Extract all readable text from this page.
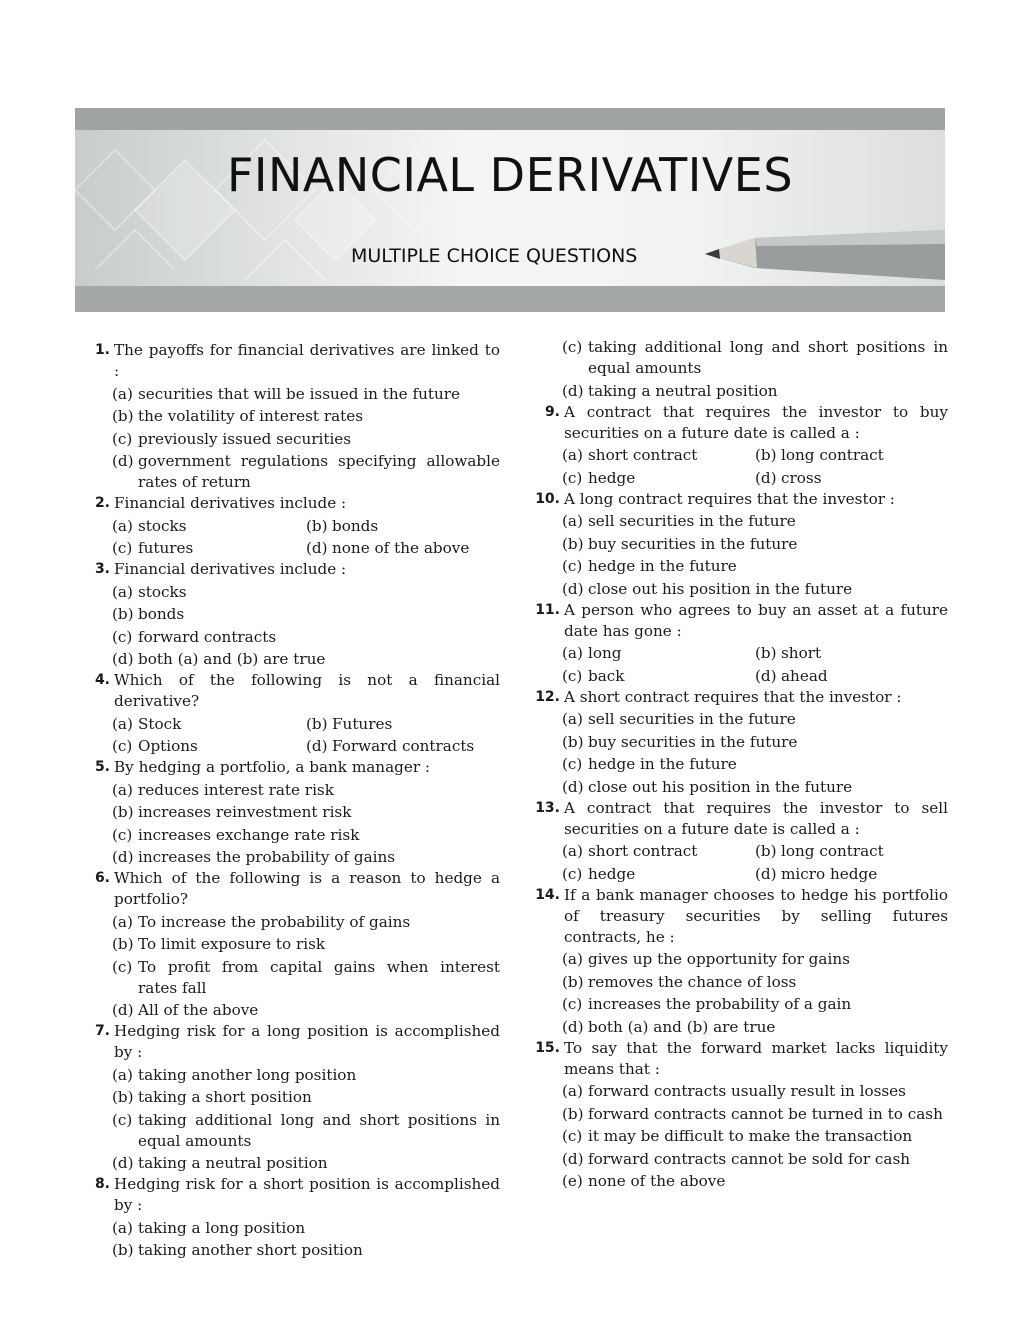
FINANCIAL DERIVATIVES
MULTIPLE CHOICE QUESTIONS
1. The payoffs for financial derivatives are linked to :
(a) securities that will be issued in the future
(b) the volatility of interest rates
(c) previously issued securities
(d) government regulations specifying allowable rates of return
2. Financial derivatives include :
(a) stocks	(b) bonds
(c) futures	(d) none of the above
3. Financial derivatives include :
(a) stocks
(b) bonds
(c) forward contracts
(d) both (a) and (b) are true
4. Which of the following is not a financial derivative?
(a) Stock	(b) Futures
(c) Options	(d) Forward contracts
5. By hedging a portfolio, a bank manager :
(a) reduces interest rate risk
(b) increases reinvestment risk
(c) increases exchange rate risk
(d) increases the probability of gains
6. Which of the following is a reason to hedge a portfolio?
(a) To increase the probability of gains
(b) To limit exposure to risk
(c) To profit from capital gains when interest rates fall
(d) All of the above
7. Hedging risk for a long position is accomplished by :
(a) taking another long position
(b) taking a short position
(c) taking additional long and short positions in equal amounts
(d) taking a neutral position
8. Hedging risk for a short position is accomplished by :
(a) taking a long position
(b) taking another short position
(c) taking additional long and short positions in equal amounts
(d) taking a neutral position
9. A contract that requires the investor to buy securities on a future date is called a :
(a) short contract	(b) long contract
(c) hedge	(d) cross
10. A long contract requires that the investor :
(a) sell securities in the future
(b) buy securities in the future
(c) hedge in the future
(d) close out his position in the future
11. A person who agrees to buy an asset at a future date has gone :
(a) long	(b) short
(c) back	(d) ahead
12. A short contract requires that the investor :
(a) sell securities in the future
(b) buy securities in the future
(c) hedge in the future
(d) close out his position in the future
13. A contract that requires the investor to sell securities on a future date is called a :
(a) short contract	(b) long contract
(c) hedge	(d) micro hedge
14. If a bank manager chooses to hedge his portfolio of treasury securities by selling futures contracts, he :
(a) gives up the opportunity for gains
(b) removes the chance of loss
(c) increases the probability of a gain
(d) both (a) and (b) are true
15. To say that the forward market lacks liquidity means that :
(a) forward contracts usually result in losses
(b) forward contracts cannot be turned in to cash
(c) it may be difficult to make the transaction
(d) forward contracts cannot be sold for cash
(e) none of the above
